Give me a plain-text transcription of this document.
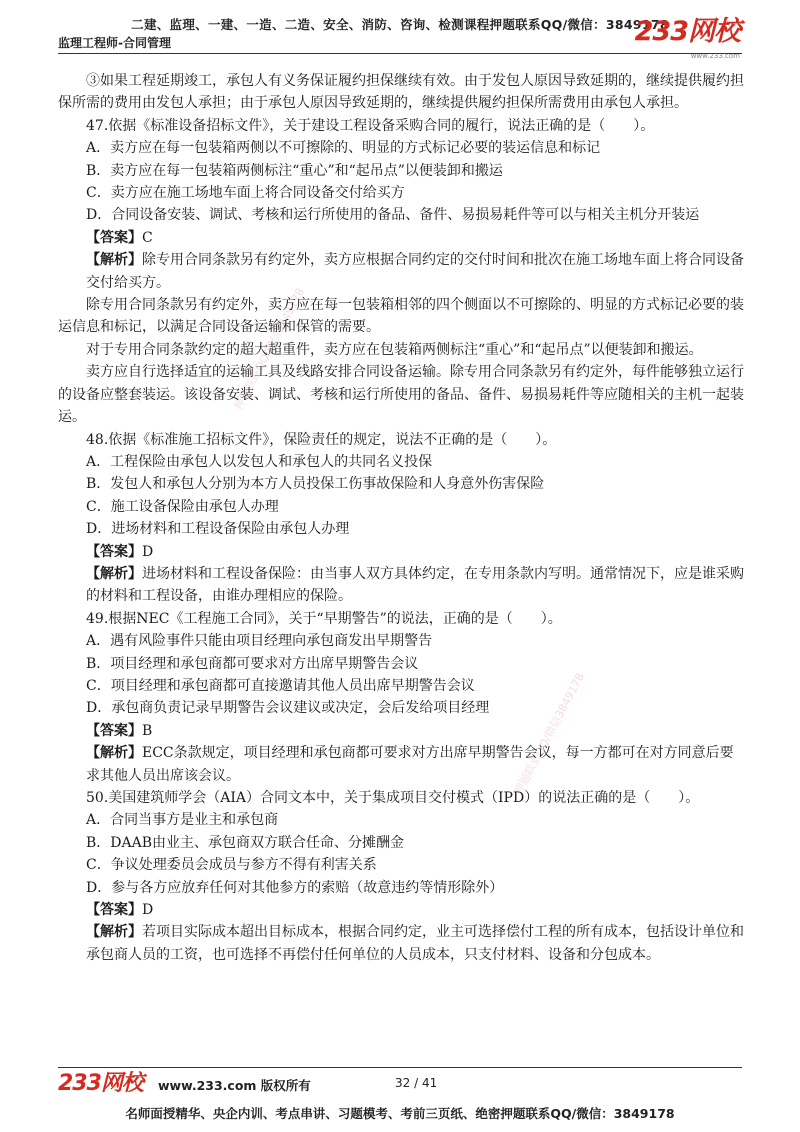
二建、监理、一建、一造、二造、安全、消防、咨询、检测课程押题联系QQ/微信：3849178
监理工程师-合同管理	233网校
www.233.com
押题联系QQ/微信3849178
押题联系QQ/微信3849178

③如果工程延期竣工，承包人有义务保证履约担保继续有效。由于发包人原因导致延期的，继续提供履约担保所需的费用由发包人承担；由于承包人原因导致延期的，继续提供履约担保所需费用由承包人承担。

47.依据《标准设备招标文件》，关于建设工程设备采购合同的履行，说法正确的是（　　）。

A．卖方应在每一包装箱两侧以不可擦除的、明显的方式标记必要的装运信息和标记

B．卖方应在每一包装箱两侧标注“重心”和“起吊点”以便装卸和搬运

C．卖方应在施工场地车面上将合同设备交付给买方

D．合同设备安装、调试、考核和运行所使用的备品、备件、易损易耗件等可以与相关主机分开装运

【答案】C

【解析】除专用合同条款另有约定外，卖方应根据合同约定的交付时间和批次在施工场地车面上将合同设备交付给买方。

除专用合同条款另有约定外，卖方应在每一包装箱相邻的四个侧面以不可擦除的、明显的方式标记必要的装运信息和标记，以满足合同设备运输和保管的需要。

对于专用合同条款约定的超大超重件，卖方应在包装箱两侧标注“重心”和“起吊点”以便装卸和搬运。

卖方应自行选择适宜的运输工具及线路安排合同设备运输。除专用合同条款另有约定外，每件能够独立运行的设备应整套装运。该设备安装、调试、考核和运行所使用的备品、备件、易损易耗件等应随相关的主机一起装运。

48.依据《标准施工招标文件》，保险责任的规定，说法不正确的是（　　）。

A．工程保险由承包人以发包人和承包人的共同名义投保

B．发包人和承包人分别为本方人员投保工伤事故保险和人身意外伤害保险

C．施工设备保险由承包人办理

D．进场材料和工程设备保险由承包人办理

【答案】D

【解析】进场材料和工程设备保险：由当事人双方具体约定，在专用条款内写明。通常情况下，应是谁采购的材料和工程设备，由谁办理相应的保险。

49.根据NEC《工程施工合同》，关于“早期警告”的说法，正确的是（　　）。

A．遇有风险事件只能由项目经理向承包商发出早期警告

B．项目经理和承包商都可要求对方出席早期警告会议

C．项目经理和承包商都可直接邀请其他人员出席早期警告会议

D．承包商负责记录早期警告会议建议或决定，会后发给项目经理

【答案】B

【解析】ECC条款规定，项目经理和承包商都可要求对方出席早期警告会议，每一方都可在对方同意后要求其他人员出席该会议。

50.美国建筑师学会（AIA）合同文本中，关于集成项目交付模式（IPD）的说法正确的是（　　）。

A．合同当事方是业主和承包商

B．DAAB由业主、承包商双方联合任命、分摊酬金

C．争议处理委员会成员与参方不得有利害关系

D．参与各方应放弃任何对其他参方的索赔（故意违约等情形除外）

【答案】D

【解析】若项目实际成本超出目标成本，根据合同约定，业主可选择偿付工程的所有成本，包括设计单位和承包商人员的工资，也可选择不再偿付任何单位的人员成本，只支付材料、设备和分包成本。

233网校 www.233.com 版权所有	32 / 41
名师面授精华、央企内训、考点串讲、习题模考、考前三页纸、绝密押题联系QQ/微信：3849178
